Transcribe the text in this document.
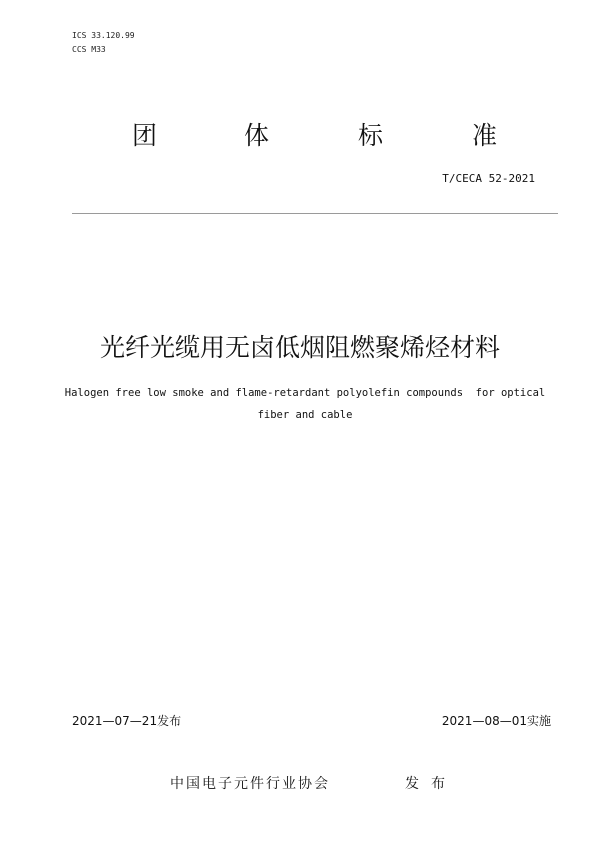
ICS 33.120.99
CCS M33
团	体	标	准
T/CECA 52-2021
光纤光缆用无卤低烟阻燃聚烯烃材料
Halogen free low smoke and flame-retardant polyolefin compounds  for optical fiber and cable
2021—07—21发布	2021—08—01实施
中国电子元件行业协会	发布
